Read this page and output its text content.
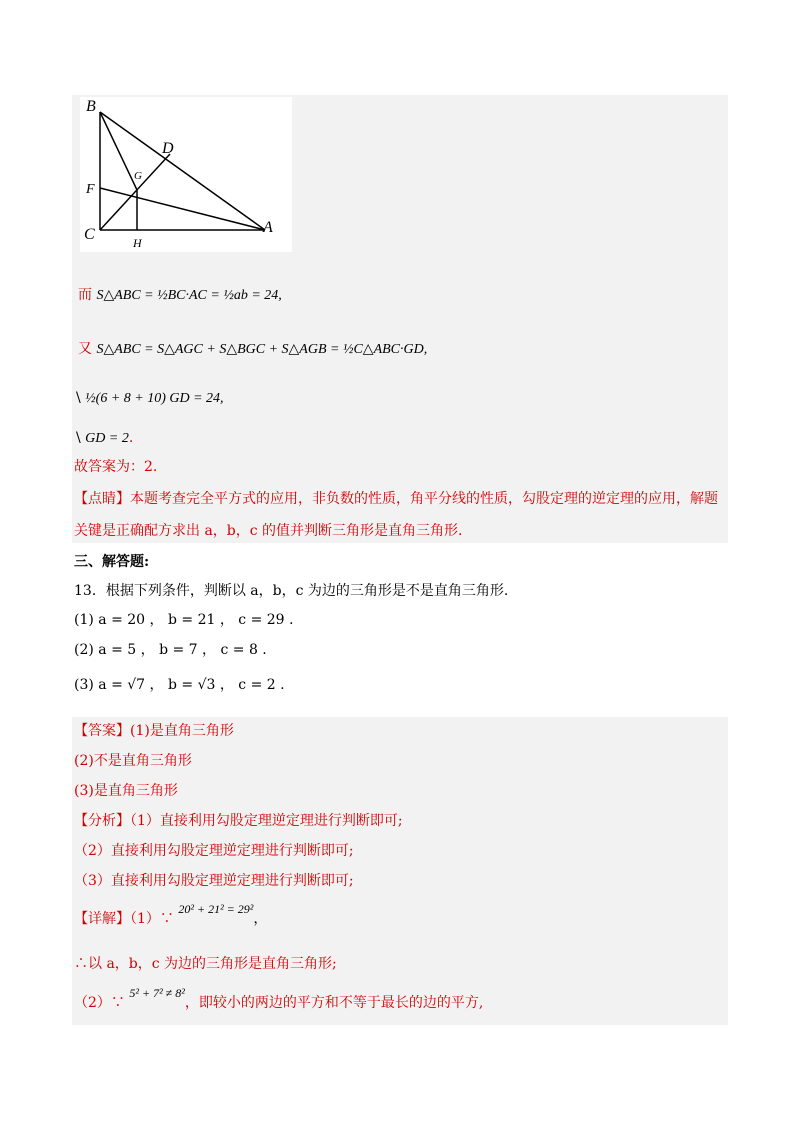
B
D
G
F
C	A
H
而 S△ABC = ½BC·AC = ½ab = 24,
又 S△ABC = S△AGC + S△BGC + S△AGB = ½C△ABC·GD,
\ ½(6 + 8 + 10) GD = 24,
\ GD = 2.
故答案为：2.
【点睛】本题考查完全平方式的应用，非负数的性质，角平分线的性质，勾股定理的逆定理的应用，解题
关键是正确配方求出 a，b，c 的值并判断三角形是直角三角形.
三、解答题:
13．根据下列条件，判断以 a，b，c 为边的三角形是不是直角三角形.
(1) a = 20 ， b = 21 ， c = 29 .
(2) a = 5 ， b = 7 ， c = 8 .
(3) a = √7 ， b = √3 ， c = 2 .
【答案】(1)是直角三角形
(2)不是直角三角形
(3)是直角三角形
【分析】（1）直接利用勾股定理逆定理进行判断即可;
（2）直接利用勾股定理逆定理进行判断即可;
（3）直接利用勾股定理逆定理进行判断即可;
【详解】（1）∵ 20² + 21² = 29²，
∴以 a，b，c 为边的三角形是直角三角形;
（2）∵ 5² + 7² ≠ 8²，即较小的两边的平方和不等于最长的边的平方,
